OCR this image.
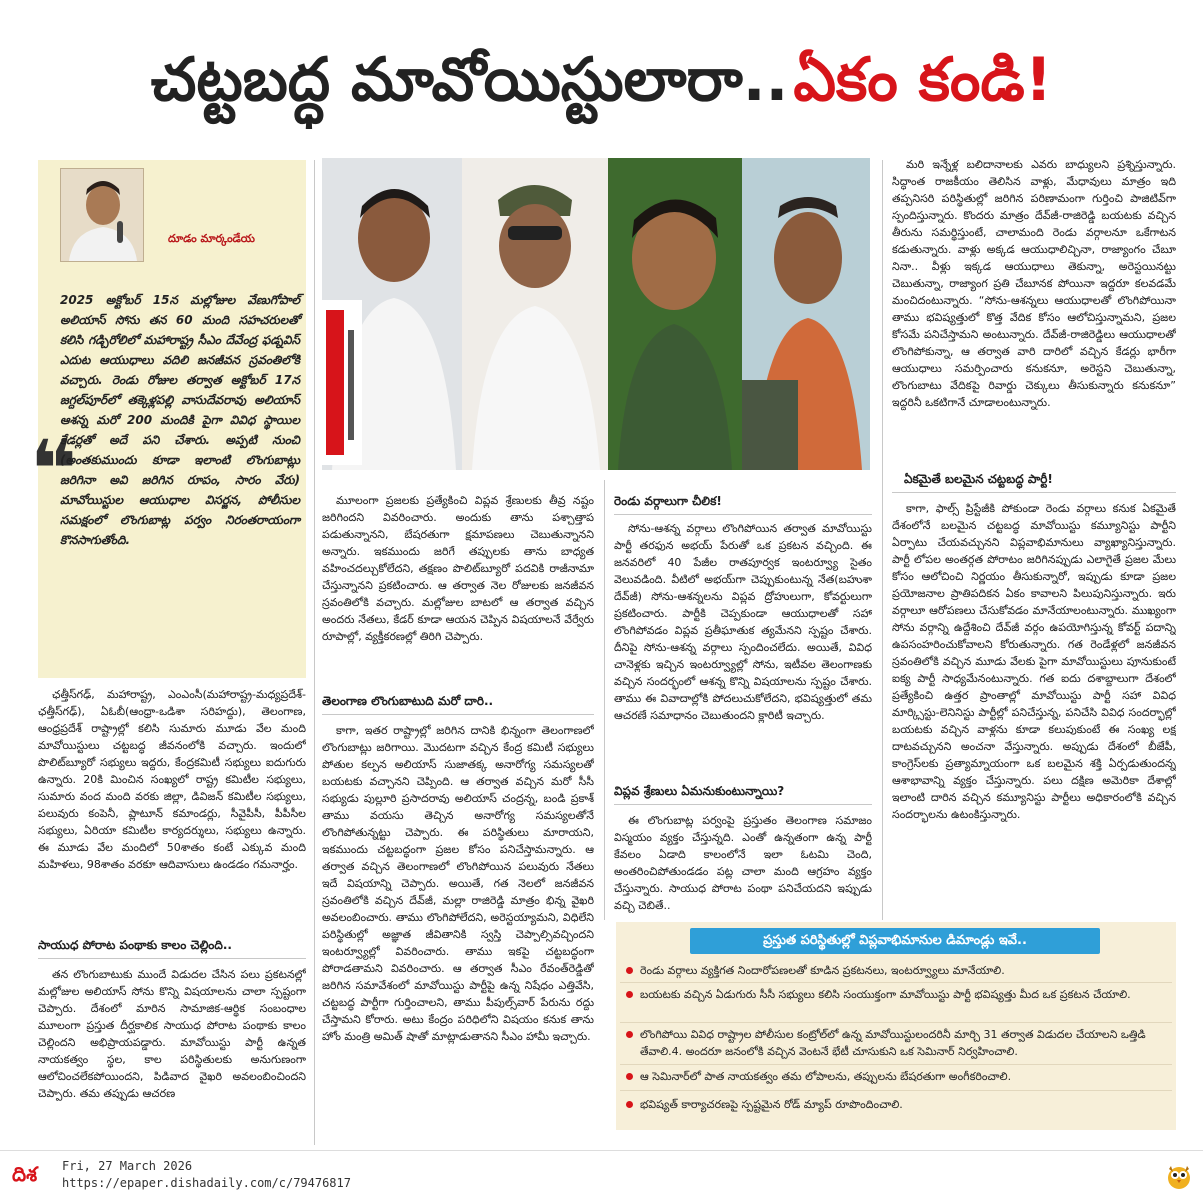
చట్టబద్ధ మావోయిస్టులారా.. ఏకం కండి!
దూడం మార్కండేయ
❝
2025 అక్టోబర్ 15న మల్లోజుల వేణుగోపాల్ అలియాస్ సోను తన 60 మంది సహచరులతో కలిసి గడ్చిరోలిలో మహారాష్ట్ర సీఎం దేవేంద్ర ఫడ్నవిస్ ఎదుట ఆయుధాలు వదిలి జనజీవన స్రవంతిలోకి వచ్చారు. రెండు రోజుల తర్వాత అక్టోబర్ 17న జగ్దల్‌పూర్‌లో తక్కెళ్లపల్లి వాసుదేవరావు అలియాస్ ఆశన్న మరో 200 మందికి పైగా వివిధ స్థాయిల కేడర్లతో అదే పని చేశారు. అప్పటి నుంచి (అంతకుముందు కూడా ఇలాంటి లొంగుబాట్లు జరిగినా అవి జరిగిన రూపం, సారం వేరు) మావోయిస్టుల ఆయుధాల విసర్జన, పోలీసుల సమక్షంలో లొంగుబాట్ల పర్వం నిరంతరాయంగా కొనసాగుతోంది.

ఛత్తీస్‌గఢ్, మహారాష్ట్ర, ఎంఎంసీ(మహారాష్ట్ర-మధ్యప్రదేశ్-ఛత్తీస్‌గఢ్), ఏఓబీ(ఆంధ్రా-ఒడిశా సరిహద్దు), తెలంగాణ, ఆంధ్రప్రదేశ్ రాష్ట్రాల్లో కలిసి సుమారు మూడు వేల మంది మావోయిస్టులు చట్టబద్ధ జీవనంలోకి వచ్చారు. ఇందులో పొలిట్‌బ్యూరో సభ్యులు ఇద్దరు, కేంద్రకమిటీ సభ్యులు ఐదుగురు ఉన్నారు. 20కి మించిన సంఖ్యలో రాష్ట్ర కమిటీల సభ్యులు, సుమారు వంద మంది వరకు జిల్లా, డివిజన్ కమిటీల సభ్యులు, పలువురు కంపెనీ, ప్లాటూన్ కమాండర్లు, సీవైపీసీ, పీపీసీల సభ్యులు, ఏరియా కమిటీల కార్యదర్శులు, సభ్యులు ఉన్నారు. ఈ మూడు వేల మందిలో 50శాతం కంటే ఎక్కువ మంది మహిళలు, 98శాతం వరకూ ఆదివాసులు ఉండడం గమనార్హం.

సాయుధ పోరాట పంథాకు కాలం చెల్లింది..

తన లొంగుబాటుకు ముందే విడుదల చేసిన పలు ప్రకటనల్లో మల్లోజుల అలియాస్ సోను కొన్ని విషయాలను చాలా స్పష్టంగా చెప్పారు. దేశంలో మారిన సామాజిక-ఆర్థిక సంబంధాల మూలంగా ప్రస్తుత దీర్ఘకాలిక సాయుధ పోరాట పంథాకు కాలం చెల్లిందని అభిప్రాయపడ్డారు. మావోయిస్టు పార్టీ ఉన్నత నాయకత్వం స్థల, కాల పరిస్థితులకు అనుగుణంగా ఆలోచించలేకపోయిందని, పిడివాద వైఖరి అవలంబించిందని చెప్పారు. తమ తప్పుడు ఆచరణ

మూలంగా ప్రజలకు ప్రత్యేకించి విప్లవ శ్రేణులకు తీవ్ర నష్టం జరిగిందని వివరించారు. అందుకు తాను పశ్చాత్తాప పడుతున్నానని, బేషరతుగా క్షమాపణలు చెబుతున్నానని అన్నారు. ఇకముందు జరిగే తప్పులకు తాను బాధ్యత వహించదల్చుకోలేదని, తక్షణం పొలిట్‌బ్యూరో పదవికి రాజీనామా చేస్తున్నానని ప్రకటించారు. ఆ తర్వాత నెల రోజులకు జనజీవన స్రవంతిలోకి వచ్చారు. మల్లోజుల బాటలో ఆ తర్వాత వచ్చిన అందరు నేతలు, కేడర్ కూడా ఆయన చెప్పిన విషయాలనే వేర్వేరు రూపాల్లో, వ్యక్తీకరణల్లో తిరిగి చెప్పారు.

తెలంగాణ లొంగుబాటుది మరో దారి..

కాగా, ఇతర రాష్ట్రాల్లో జరిగిన దానికి భిన్నంగా తెలంగాణలో లొంగుబాట్లు జరిగాయి. మొదటగా వచ్చిన కేంద్ర కమిటీ సభ్యులు పోతుల కల్పన అలియాస్ సుజాతక్క అనారోగ్య సమస్యలతో బయటకు వచ్చానని చెప్పింది. ఆ తర్వాత వచ్చిన మరో సీసీ సభ్యుడు పుల్లూరి ప్రసాదరావు అలియాస్ చంద్రన్న, బండి ప్రకాశ్ తాము వయసు తెచ్చిన అనారోగ్య సమస్యలతోనే లొంగిపోతున్నట్టు చెప్పారు. ఈ పరిస్థితులు మారాయని, ఇకముందు చట్టబద్ధంగా ప్రజల కోసం పనిచేస్తామన్నారు. ఆ తర్వాత వచ్చిన తెలంగాణలో లొంగిపోయిన పలువురు నేతలు ఇదే విషయాన్ని చెప్పారు. అయితే, గత నెలలో జనజీవన స్రవంతిలోకి వచ్చిన దేవ్‌జీ, మల్లా రాజిరెడ్డి మాత్రం భిన్న వైఖరి అవలంబించారు. తాము లొంగిపోలేదని, అరెస్టయ్యామని, విధిలేని పరిస్థితుల్లో అజ్ఞాత జీవితానికి స్వస్తి చెప్పాల్సివచ్చిందని ఇంటర్వ్యూల్లో వివరించారు. తాము ఇకపై చట్టబద్ధంగా పోరాడతామని వివరించారు. ఆ తర్వాత సీఎం రేవంత్‌రెడ్డితో జరిగిన సమావేశంలో మావోయిస్టు పార్టీపై ఉన్న నిషేధం ఎత్తివేసి, చట్టబద్ధ పార్టీగా గుర్తించాలని, తాము పీపుల్స్‌వార్ పేరును రద్దు చేస్తామని కోరారు. అటు కేంద్రం పరిధిలోని విషయం కనుక తాను హోం మంత్రి అమిత్ షాతో మాట్లాడుతానని సీఎం హామీ ఇచ్చారు.

రెండు వర్గాలుగా చీలిక!

సోను-ఆశన్న వర్గాలు లొంగిపోయిన తర్వాత మావోయిస్టు పార్టీ తరఫున అభయ్ పేరుతో ఒక ప్రకటన వచ్చింది. ఈ జనవరిలో 40 పేజీల రాతపూర్వక ఇంటర్వ్యూ సైతం వెలువడింది. వీటిలో అభయ్‌గా చెప్పుకుంటున్న నేత(బహుశా దేవ్‌జీ) సోను-ఆశన్నలను విప్లవ ద్రోహులుగా, కోవర్టులుగా ప్రకటించారు. పార్టీకి చెప్పకుండా ఆయుధాలతో సహా లొంగిపోవడం విప్లవ ప్రతీఘాతుక త్యమేనని స్పష్టం చేశారు. దీనిపై సోను-ఆశన్న వర్గాలు స్పందించలేదు. అయితే, వివిధ చానెళ్లకు ఇచ్చిన ఇంటర్వ్యూల్లో సోను, ఇటీవల తెలంగాణకు వచ్చిన సందర్భంలో ఆశన్న కొన్ని విషయాలను స్పష్టం చేశారు. తాము ఈ వివాదాల్లోకి పోదలుచుకోలేదని, భవిష్యత్తులో తమ ఆచరణే సమాధానం చెబుతుందని క్లారిటీ ఇచ్చారు.

విప్లవ శ్రేణులు ఏమనుకుంటున్నాయి?

ఈ లొంగుబాట్ల పర్వంపై ప్రస్తుతం తెలంగాణ సమాజం విస్మయం వ్యక్తం చేస్తున్నది. ఎంతో ఉన్నతంగా ఉన్న పార్టీ కేవలం ఏడాది కాలంలోనే ఇలా ఓటమి చెంది, అంతరించిపోతుండడం పట్ల చాలా మంది ఆగ్రహం వ్యక్తం చేస్తున్నారు. సాయుధ పోరాట పంథా పనిచేయదని ఇప్పుడు వచ్చి చెబితే..

మరి ఇన్నేళ్ల బలిదానాలకు ఎవరు బాధ్యులని ప్రశ్నిస్తున్నారు. సిద్ధాంత రాజకీయం తెలిసిన వాళ్లు, మేధావులు మాత్రం ఇది తప్పనిసరి పరిస్థితుల్లో జరిగిన పరిణామంగా గుర్తించి పాజిటివ్‌గా స్పందిస్తున్నారు. కొందరు మాత్రం దేవ్‌జీ-రాజిరెడ్డి బయటకు వచ్చిన తీరును సమర్థిస్తుంటే, చాలామంది రెండు వర్గాలనూ ఒకేగాటన కడుతున్నారు. వాళ్లు అక్కడ ఆయుధాలిచ్చినా, రాజ్యాంగం చేబూ నినా.. వీళ్లు ఇక్కడ ఆయుధాలు తెకున్నా, అరెస్టయినట్టు చెబుతున్నా, రాజ్యాంగ ప్రతి చేబూనక పోయినా ఇద్దరూ కలవడమే మంచిదంటున్నారు. “సోను-ఆశన్నలు ఆయుధాలతో లొంగిపోయినా తాము భవిష్యత్తులో కొత్త వేదిక కోసం ఆలోచిస్తున్నామని, ప్రజల కోసమే పనిచేస్తామని అంటున్నారు. దేవ్‌జీ-రాజిరెడ్డిలు ఆయుధాలతో లొంగిపోకున్నా, ఆ తర్వాత వారి దారిలో వచ్చిన కేడర్లు భారీగా ఆయుధాలు సమర్పించారు కనుకనూ, అరెస్టని చెబుతున్నా, లొంగుబాటు వేదికపై రివార్డు చెక్కులు తీసుకున్నారు కనుకనూ” ఇద్దరినీ ఒకటిగానే చూడాలంటున్నారు.

ఏకమైతే బలమైన చట్టబద్ధ పార్టీ!

కాగా, ఫాల్స్ ప్రిస్టేజీకి పోకుండా రెండు వర్గాలు కనుక ఏకమైతే దేశంలోనే బలమైన చట్టబద్ధ మావోయిస్టు కమ్యూనిస్టు పార్టీని ఏర్పాటు చేయవచ్చునని విప్లవాభిమానులు వ్యాఖ్యానిస్తున్నారు. పార్టీ లోపల అంతర్గత పోరాటం జరిగినప్పుడు ఎలాగైతే ప్రజల మేలు కోసం ఆలోచించి నిర్ణయం తీసుకున్నారో, ఇప్పుడు కూడా ప్రజల ప్రయోజనాల ప్రాతిపదికన ఏకం కావాలని పిలుపునిస్తున్నారు. ఇరు వర్గాలూ ఆరోపణలు చేసుకోవడం మానేయాలంటున్నారు. ముఖ్యంగా సోను వర్గాన్ని ఉద్దేశించి దేవ్‌జీ వర్గం ఉపయోగిస్తున్న కోవర్ట్ పదాన్ని ఉపసంహరించుకోవాలని కోరుతున్నారు. గత రెండేళ్లలో జనజీవన స్రవంతిలోకి వచ్చిన మూడు వేలకు పైగా మావోయిస్టులు పూనుకుంటే ఐక్య పార్టీ సాధ్యమేనంటున్నారు. గత ఐదు దశాబ్దాలుగా దేశంలో ప్రత్యేకించి ఉత్తర ప్రాంతాల్లో మావోయిస్టు పార్టీ సహా వివిధ మార్క్సిస్టు-లెనినిస్టు పార్టీల్లో పనిచేస్తున్న, పనిచేసి వివిధ సందర్భాల్లో బయటకు వచ్చిన వాళ్లను కూడా కలుపుకుంటే ఈ సంఖ్య లక్ష దాటవచ్చునని అంచనా వేస్తున్నారు. అప్పుడు దేశంలో బీజేపీ, కాంగ్రెస్‌లకు ప్రత్యామ్నాయంగా ఒక బలమైన శక్తి ఏర్పడుతుందన్న ఆశాభావాన్ని వ్యక్తం చేస్తున్నారు. పలు దక్షిణ అమెరికా దేశాల్లో ఇలాంటి దారిన వచ్చిన కమ్యూనిస్టు పార్టీలు అధికారంలోకి వచ్చిన సందర్భాలను ఉటంకిస్తున్నారు.

ప్రస్తుత పరిస్థితుల్లో విప్లవాభిమానుల డిమాండ్లు ఇవే..
రెండు వర్గాలు వ్యక్తిగత నిందారోపణలతో కూడిన ప్రకటనలు, ఇంటర్వ్యూలు మానేయాలి.
బయటకు వచ్చిన ఏడుగురు సీసీ సభ్యులు కలిసి సంయుక్తంగా మావోయిస్టు పార్టీ భవిష్యత్తు మీద ఒక ప్రకటన చేయాలి.
లొంగిపోయి వివిధ రాష్ట్రాల పోలీసుల కంట్రోల్‌లో ఉన్న మావోయిస్టులందరినీ మార్చి 31 తర్వాత విడుదల చేయాలని ఒత్తిడి తేవాలి.4. అందరూ జనంలోకి వచ్చిన వెంటనే భేటీ చూసుకుని ఒక సెమినార్ నిర్వహించాలి.
ఆ సెమినార్‌లో పాత నాయకత్వం తమ లోపాలను, తప్పులను బేషరతుగా అంగీకరించాలి.
భవిష్యత్ కార్యాచరణపై స్పష్టమైన రోడ్ మ్యాప్ రూపొందించాలి.
దిశ Fri, 27 March 2026
https://epaper.dishadaily.com/c/79476817
